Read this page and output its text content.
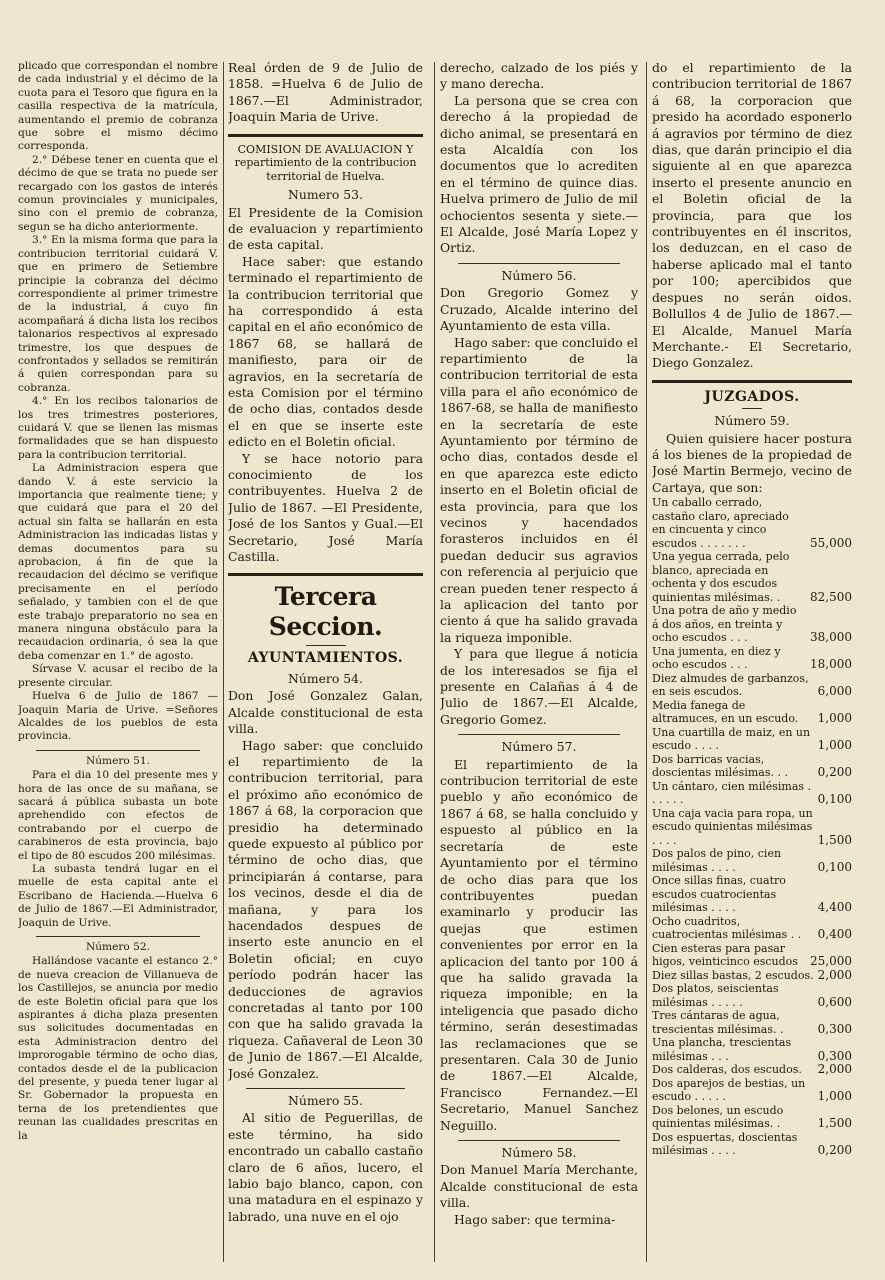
plicado que correspondan el nombre de cada industrial y el décimo de la cuota para el Tesoro que figura en la casilla respectiva de la matrícula, aumentando el premio de cobranza que sobre el mismo décimo corresponda.

2.° Débese tener en cuenta que el décimo de que se trata no puede ser recargado con los gastos de interés comun provinciales y municipales, sino con el premio de cobranza, segun se ha dicho anteriormente.

3.° En la misma forma que para la contribucion territorial cuidará V. que en primero de Setiembre principie la cobranza del décimo correspondiente al primer trimestre de la industrial, á cuyo fin acompañará á dicha lista los recibos talonarios respectivos al expresado trimestre, los que despues de confrontados y sellados se remitirán á quien correspondan para su cobranza.

4.° En los recibos talonarios de los tres trimestres posteriores, cuidará V. que se llenen las mismas formalidades que se han dispuesto para la contribucion territorial.

La Administracion espera que dando V. á este servicio la importancia que realmente tiene; y que cuidará que para el 20 del actual sin falta se hallarán en esta Administracion las indicadas listas y demas documentos para su aprobacion, á fin de que la recaudacion del décimo se verifique precisamente en el período señalado, y tambien con el de que este trabajo preparatorio no sea en manera ninguna obstáculo para la recaudacion ordinaria, ó sea la que deba comenzar en 1.° de agosto.

Sírvase V. acusar el recibo de la presente circular.

Huelva 6 de Julio de 1867 — Joaquin Maria de Urive. =Señores Alcaldes de los pueblos de esta provincia.

Número 51.

Para el dia 10 del presente mes y hora de las once de su mañana, se sacará á pública subasta un bote aprehendido con efectos de contrabando por el cuerpo de carabineros de esta provincia, bajo el tipo de 80 escudos 200 milésimas.

La subasta tendrá lugar en el muelle de esta capital ante el Escribano de Hacienda.—Huelva 6 de Julio de 1867.—El Administrador, Joaquin de Urive.

Número 52.

Hallándose vacante el estanco 2.° de nueva creacion de Villanueva de los Castillejos, se anuncia por medio de este Boletin oficial para que los aspirantes á dicha plaza presenten sus solicitudes documentadas en esta Administracion dentro del improrogable término de ocho dias, contados desde el de la publicacion del presente, y pueda tener lugar al Sr. Gobernador la propuesta en terna de los pretendientes que reunan las cualidades prescritas en la

Real órden de 9 de Julio de 1858. =Huelva 6 de Julio de 1867.—El Administrador, Joaquin Maria de Urive.

COMISION DE AVALUACION Y repartimiento de la contribucion territorial de Huelva.
Numero 53.

El Presidente de la Comision de evaluacion y repartimiento de esta capital.

Hace saber: que estando terminado el repartimiento de la contribucion territorial que ha correspondido á esta capital en el año económico de 1867 68, se hallará de manifiesto, para oir de agravios, en la secretaría de esta Comision por el término de ocho dias, contados desde el en que se inserte este edicto en el Boletin oficial.

Y se hace notorio para conocimiento de los contribuyentes. Huelva 2 de Julio de 1867. —El Presidente, José de los Santos y Gual.—El Secretario, José María Castilla.

Tercera Seccion.
AYUNTAMIENTOS.
Número 54.

Don José Gonzalez Galan, Alcalde constitucional de esta villa.

Hago saber: que concluido el repartimiento de la contribucion territorial, para el próximo año económico de 1867 á 68, la corporacion que presidio ha determinado quede expuesto al público por término de ocho dias, que principiarán á contarse, para los vecinos, desde el dia de mañana, y para los hacendados despues de inserto este anuncio en el Boletin oficial; en cuyo período podrán hacer las deducciones de agravios concretadas al tanto por 100 con que ha salido gravada la riqueza. Cañaveral de Leon 30 de Junio de 1867.—El Alcalde, José Gonzalez.

Número 55.

Al sitio de Peguerillas, de este término, ha sido encontrado un caballo castaño claro de 6 años, lucero, el labio bajo blanco, capon, con una matadura en el espinazo y labrado, una nuve en el ojo

derecho, calzado de los piés y y mano derecha.

La persona que se crea con derecho á la propiedad de dicho animal, se presentará en esta Alcaldía con los documentos que lo acrediten en el término de quince dias. Huelva primero de Julio de mil ochocientos sesenta y siete.—El Alcalde, José María Lopez y Ortiz.

Número 56.

Don Gregorio Gomez y Cruzado, Alcalde interino del Ayuntamiento de esta villa.

Hago saber: que concluido el repartimiento de la contribucion territorial de esta villa para el año económico de 1867-68, se halla de manifiesto en la secretaría de este Ayuntamiento por término de ocho dias, contados desde el en que aparezca este edicto inserto en el Boletin oficial de esta provincia, para que los vecinos y hacendados forasteros incluidos en él puedan deducir sus agravios con referencia al perjuicio que crean pueden tener respecto á la aplicacion del tanto por ciento á que ha salido gravada la riqueza imponible.

Y para que llegue á noticia de los interesados se fija el presente en Calañas á 4 de Julio de 1867.—El Alcalde, Gregorio Gomez.

Número 57.

El repartimiento de la contribucion territorial de este pueblo y año económico de 1867 á 68, se halla concluido y espuesto al público en la secretaría de este Ayuntamiento por el término de ocho dias para que los contribuyentes puedan examinarlo y producir las quejas que estimen convenientes por error en la aplicacion del tanto por 100 á que ha salido gravada la riqueza imponible; en la inteligencia que pasado dicho término, serán desestimadas las reclamaciones que se presentaren. Cala 30 de Junio de 1867.—El Alcalde, Francisco Fernandez.—El Secretario, Manuel Sanchez Neguillo.

Número 58.

Don Manuel María Merchante, Alcalde constitucional de esta villa.

Hago saber: que termina-

do el repartimiento de la contribucion territorial de 1867 á 68, la corporacion que presido ha acordado esponerlo á agravios por término de diez dias, que darán principio el dia siguiente al en que aparezca inserto el presente anuncio en el Boletin oficial de la provincia, para que los contribuyentes en él inscritos, los deduzcan, en el caso de haberse aplicado mal el tanto por 100; apercibidos que despues no serán oidos. Bollullos 4 de Julio de 1867.—El Alcalde, Manuel María Merchante.- El Secretario, Diego Gonzalez.

JUZGADOS.
Número 59.

Quien quisiere hacer postura á los bienes de la propiedad de José Martin Bermejo, vecino de Cartaya, que son:

Un caballo cerrado, castaño claro, apreciado en cincuenta y cinco escudos . . . . . . .	55,000
Una yegua cerrada, pelo blanco, apreciada en ochenta y dos escudos quinientas milésimas. .	82,500
Una potra de año y medio á dos años, en treinta y ocho escudos . . .	38,000
Una jumenta, en diez y ocho escudos . . .	18,000
Diez almudes de garbanzos, en seis escudos.	6,000
Media fanega de altramuces, en un escudo.	1,000
Una cuartilla de maiz, en un escudo . . . .	1,000
Dos barricas vacias, doscientas milésimas. . .	0,200
Un cántaro, cien milésimas . . . . . .	0,100
Una caja vacia para ropa, un escudo quinientas milésimas . . . .	1,500
Dos palos de pino, cien milésimas . . . .	0,100
Once sillas finas, cuatro escudos cuatrocientas milésimas . . . .	4,400
Ocho cuadritos, cuatrocientas milésimas . .	0,400
Cien esteras para pasar higos, veinticinco escudos	25,000
Diez sillas bastas, 2 escudos. 2,000
Dos platos, seiscientas milésimas . . . . .	0,600
Tres cántaras de agua, trescientas milésimas. .	0,300
Una plancha, trescientas milésimas . . .	0,300
Dos calderas, dos escudos.	2,000
Dos aparejos de bestias, un escudo . . . . .	1,000
Dos belones, un escudo quinientas milésimas. .	1,500
Dos espuertas, doscientas milésimas . . . .	0,200
